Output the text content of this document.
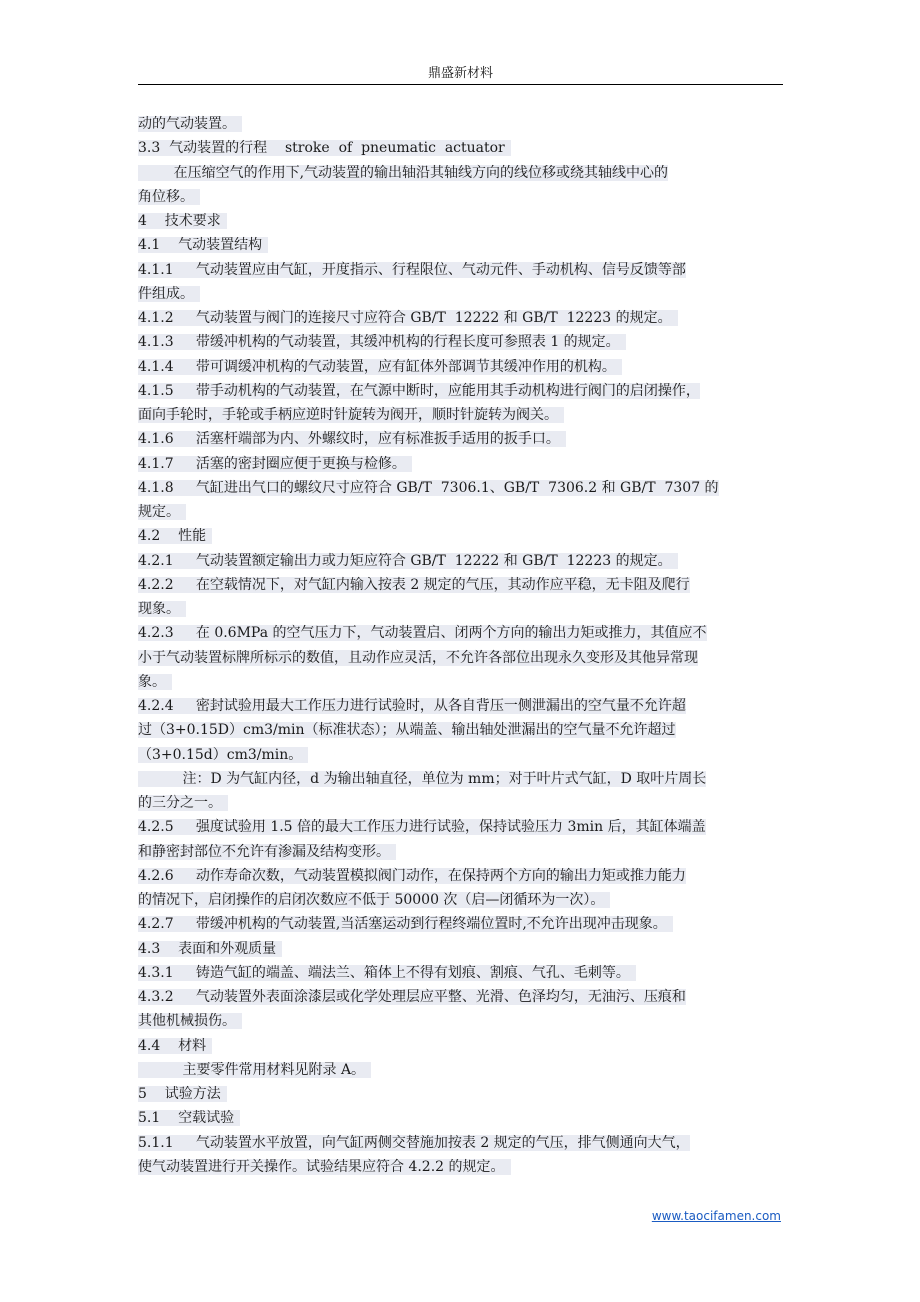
鼎盛新材料
动的气动装置。
3.3  气动装置的行程    stroke  of  pneumatic  actuator
在压缩空气的作用下,气动装置的输出轴沿其轴线方向的线位移或绕其轴线中心的
角位移。
4    技术要求
4.1    气动装置结构
4.1.1     气动装置应由气缸，开度指示、行程限位、气动元件、手动机构、信号反馈等部
件组成。
4.1.2     气动装置与阀门的连接尺寸应符合 GB/T  12222 和 GB/T  12223 的规定。
4.1.3     带缓冲机构的气动装置，其缓冲机构的行程长度可参照表 1 的规定。
4.1.4     带可调缓冲机构的气动装置，应有缸体外部调节其缓冲作用的机构。
4.1.5     带手动机构的气动装置，在气源中断时，应能用其手动机构进行阀门的启闭操作，
面向手轮时，手轮或手柄应逆时针旋转为阀开，顺时针旋转为阀关。
4.1.6     活塞杆端部为内、外螺纹时，应有标准扳手适用的扳手口。
4.1.7     活塞的密封圈应便于更换与检修。
4.1.8     气缸进出气口的螺纹尺寸应符合 GB/T  7306.1、GB/T  7306.2 和 GB/T  7307 的
规定。
4.2    性能
4.2.1     气动装置额定输出力或力矩应符合 GB/T  12222 和 GB/T  12223 的规定。
4.2.2     在空载情况下，对气缸内输入按表 2 规定的气压，其动作应平稳，无卡阻及爬行
现象。
4.2.3     在 0.6MPa 的空气压力下，气动装置启、闭两个方向的输出力矩或推力，其值应不
小于气动装置标牌所标示的数值，且动作应灵活，不允许各部位出现永久变形及其他异常现
象。
4.2.4     密封试验用最大工作压力进行试验时，从各自背压一侧泄漏出的空气量不允许超
过（3+0.15D）cm3/min（标准状态）；从端盖、输出轴处泄漏出的空气量不允许超过
（3+0.15d）cm3/min。
注：D 为气缸内径，d 为输出轴直径，单位为 mm；对于叶片式气缸，D 取叶片周长
的三分之一。
4.2.5     强度试验用 1.5 倍的最大工作压力进行试验，保持试验压力 3min 后，其缸体端盖
和静密封部位不允许有渗漏及结构变形。
4.2.6     动作寿命次数，气动装置模拟阀门动作，在保持两个方向的输出力矩或推力能力
的情况下，启闭操作的启闭次数应不低于 50000 次（启—闭循环为一次）。
4.2.7     带缓冲机构的气动装置,当活塞运动到行程终端位置时,不允许出现冲击现象。
4.3    表面和外观质量
4.3.1     铸造气缸的端盖、端法兰、箱体上不得有划痕、割痕、气孔、毛刺等。
4.3.2     气动装置外表面涂漆层或化学处理层应平整、光滑、色泽均匀，无油污、压痕和
其他机械损伤。
4.4    材料
主要零件常用材料见附录 A。
5    试验方法
5.1    空载试验
5.1.1     气动装置水平放置，向气缸两侧交替施加按表 2 规定的气压，排气侧通向大气，
使气动装置进行开关操作。试验结果应符合 4.2.2 的规定。
www.taocifamen.com
